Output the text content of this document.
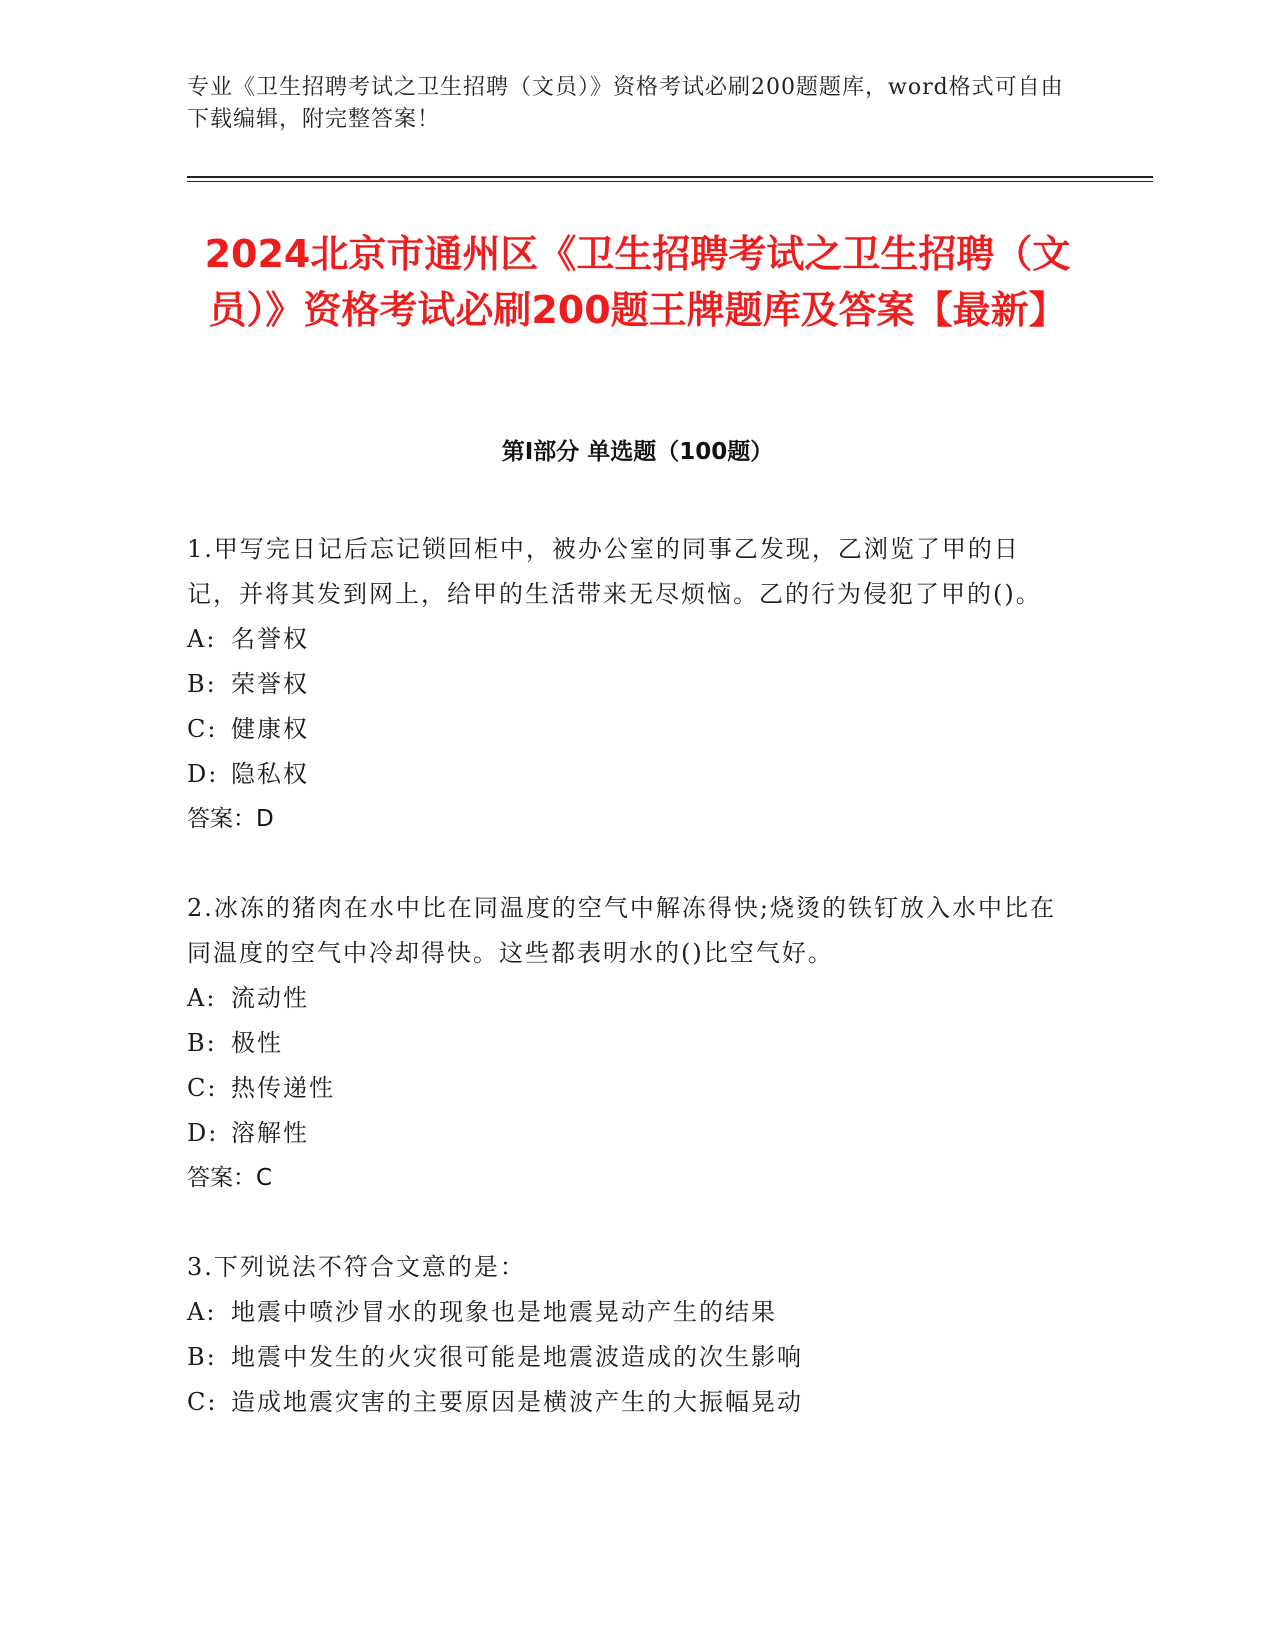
专业《卫生招聘考试之卫生招聘（文员）》资格考试必刷200题题库，word格式可自由下载编辑，附完整答案！
2024北京市通州区《卫生招聘考试之卫生招聘（文员）》资格考试必刷200题王牌题库及答案【最新】
第Ⅰ部分 单选题（100题）
1.甲写完日记后忘记锁回柜中，被办公室的同事乙发现，乙浏览了甲的日记，并将其发到网上，给甲的生活带来无尽烦恼。乙的行为侵犯了甲的()。
A: 名誉权
B: 荣誉权
C: 健康权
D: 隐私权
答案：D
2.冰冻的猪肉在水中比在同温度的空气中解冻得快;烧烫的铁钉放入水中比在同温度的空气中冷却得快。这些都表明水的()比空气好。
A: 流动性
B: 极性
C: 热传递性
D: 溶解性
答案：C
3.下列说法不符合文意的是：
A: 地震中喷沙冒水的现象也是地震晃动产生的结果
B: 地震中发生的火灾很可能是地震波造成的次生影响
C: 造成地震灾害的主要原因是横波产生的大振幅晃动
